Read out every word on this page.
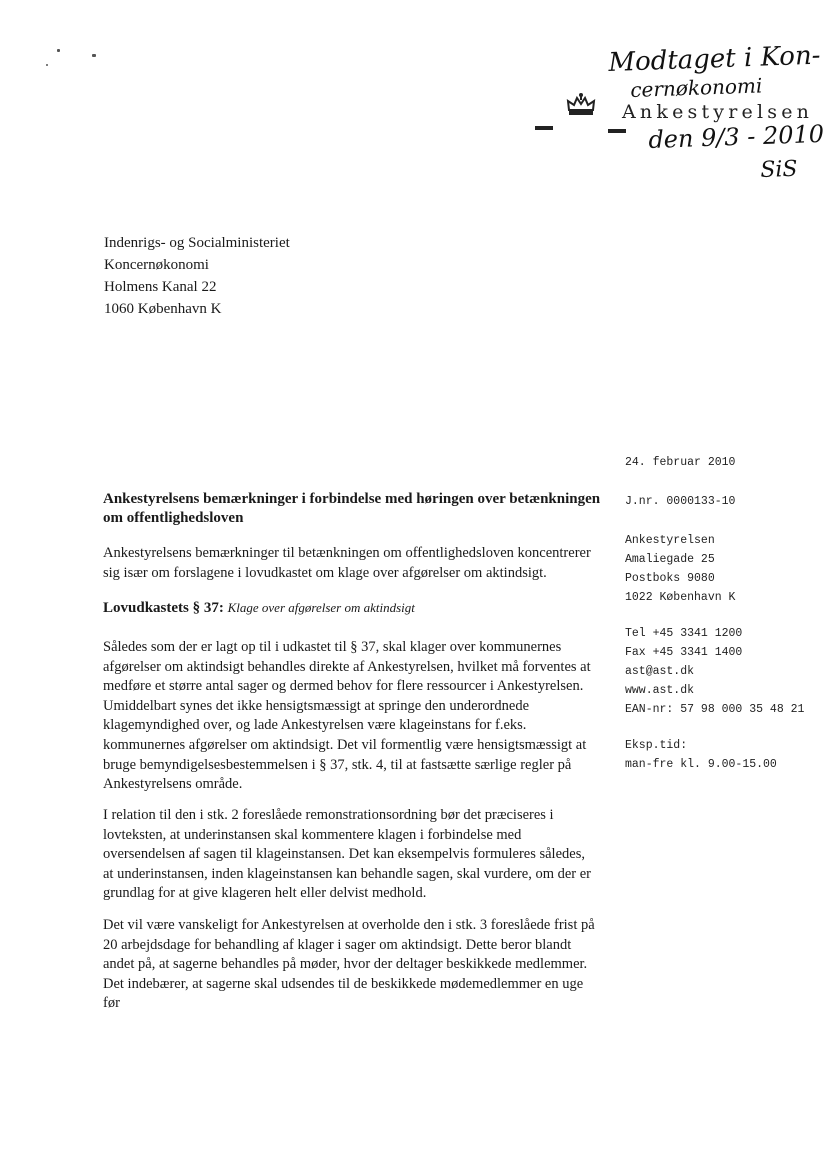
Modtaget i Kon-
cernøkonomi
den 9/3 - 2010
SiS
Ankestyrelsen
Indenrigs- og Socialministeriet
Koncernøkonomi
Holmens Kanal 22
1060 København K
24. februar 2010
J.nr. 0000133-10
Ankestyrelsen
Amaliegade 25
Postboks 9080
1022 København K
Tel +45 3341 1200
Fax +45 3341 1400
ast@ast.dk
www.ast.dk
EAN-nr: 57 98 000 35 48 21
Eksp.tid:
man-fre kl. 9.00-15.00
Ankestyrelsens bemærkninger i forbindelse med høringen over betænkningen om offentlighedsloven
Ankestyrelsens bemærkninger til betænkningen om offentlighedsloven koncentrerer sig især om forslagene i lovudkastet om klage over afgørelser om aktindsigt.
Lovudkastets § 37: Klage over afgørelser om aktindsigt
Således som der er lagt op til i udkastet til § 37, skal klager over kommunernes afgørelser om aktindsigt behandles direkte af Ankestyrelsen, hvilket må forventes at medføre et større antal sager og dermed behov for flere ressourcer i Ankestyrelsen. Umiddelbart synes det ikke hensigtsmæssigt at springe den underordnede klagemyndighed over, og lade Ankestyrelsen være klageinstans for f.eks. kommunernes afgørelser om aktindsigt. Det vil formentlig være hensigtsmæssigt at bruge bemyndigelsesbestemmelsen i § 37, stk. 4, til at fastsætte særlige regler på Ankestyrelsens område.
I relation til den i stk. 2 foreslåede remonstrationsordning bør det præciseres i lovteksten, at underinstansen skal kommentere klagen i forbindelse med oversendelsen af sagen til klageinstansen. Det kan eksempelvis formuleres således, at underinstansen, inden klageinstansen kan behandle sagen, skal vurdere, om der er grundlag for at give klageren helt eller delvist medhold.
Det vil være vanskeligt for Ankestyrelsen at overholde den i stk. 3 foreslåede frist på 20 arbejdsdage for behandling af klager i sager om aktindsigt. Dette beror blandt andet på, at sagerne behandles på møder, hvor der deltager beskikkede medlemmer. Det indebærer, at sagerne skal udsendes til de beskikkede mødemedlemmer en uge før
